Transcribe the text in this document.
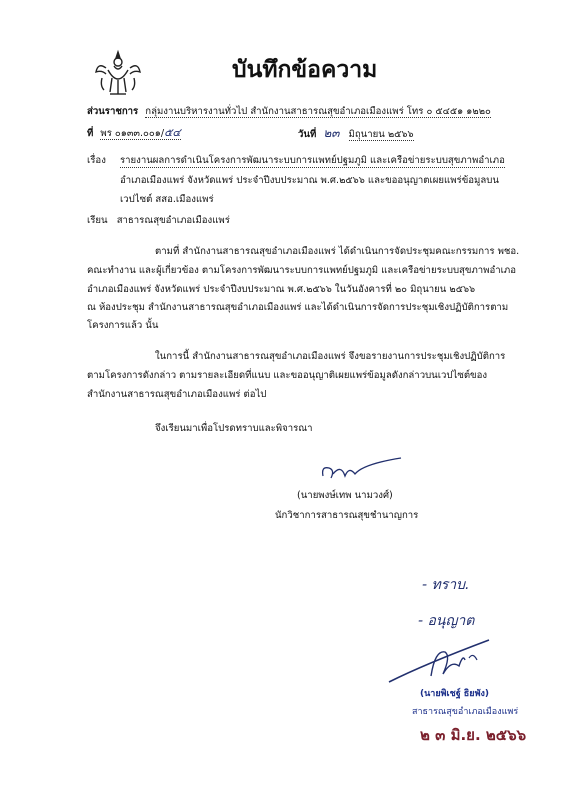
บันทึกข้อความ
ส่วนราชการ กลุ่มงานบริหารงานทั่วไป สำนักงานสาธารณสุขอำเภอเมืองแพร่ โทร ๐ ๕๔๕๑ ๑๒๒๐
ที่ พร ๐๑๓๓.๐๐๑/๕๔	วันที่ ๒๓ มิถุนายน ๒๕๖๖
เรื่อง รายงานผลการดำเนินโครงการพัฒนาระบบการแพทย์ปฐมภูมิ และเครือข่ายระบบสุขภาพอำเภอ
อำเภอเมืองแพร่ จังหวัดแพร่ ประจำปีงบประมาณ พ.ศ.๒๕๖๖ และขออนุญาตเผยแพร่ข้อมูลบน
เวปไซต์ สสอ.เมืองแพร่
เรียน สาธารณสุขอำเภอเมืองแพร่
ตามที่ สำนักงานสาธารณสุขอำเภอเมืองแพร่ ได้ดำเนินการจัดประชุมคณะกรรมการ พชอ.
คณะทำงาน และผู้เกี่ยวข้อง ตามโครงการพัฒนาระบบการแพทย์ปฐมภูมิ และเครือข่ายระบบสุขภาพอำเภอ
อำเภอเมืองแพร่ จังหวัดแพร่ ประจำปีงบประมาณ พ.ศ.๒๕๖๖ ในวันอังคารที่ ๒๐ มิถุนายน ๒๕๖๖
ณ ห้องประชุม สำนักงานสาธารณสุขอำเภอเมืองแพร่ และได้ดำเนินการจัดการประชุมเชิงปฏิบัติการตาม
โครงการแล้ว นั้น
ในการนี้ สำนักงานสาธารณสุขอำเภอเมืองแพร่ จึงขอรายงานการประชุมเชิงปฏิบัติการ
ตามโครงการดังกล่าว ตามรายละเอียดที่แนบ และขออนุญาติเผยแพร่ข้อมูลดังกล่าวบนเวปไซต์ของ
สำนักงานสาธารณสุขอำเภอเมืองแพร่ ต่อไป
จึงเรียนมาเพื่อโปรดทราบและพิจารณา
(นายพงษ์เทพ นามวงศ์)
นักวิชาการสาธารณสุขชำนาญการ
- ทราบ.
- อนุญาต
(นายพิเชฐ์ ธิยพัง)
สาธารณสุขอำเภอเมืองแพร่
๒ ๓ มิ.ย. ๒๕๖๖
